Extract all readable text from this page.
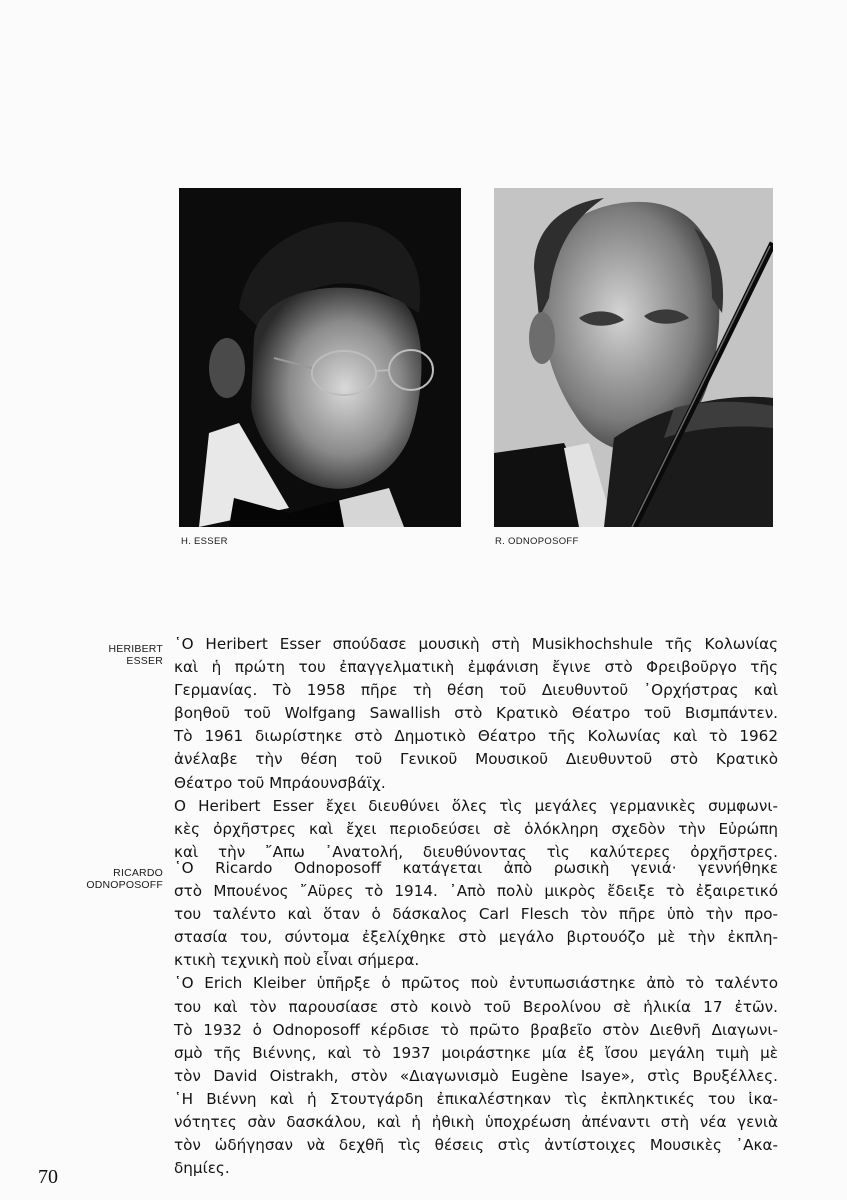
H. ESSER	R. ODNOPOSOFF
HERIBERT
ESSER
῾Ο Heribert Esser σπούδασε μουσικὴ στὴ Musikhochshule τῆς Κολωνίας
καὶ ἡ πρώτη του ἐπαγγελματικὴ ἐμφάνιση ἔγινε στὸ Φρειβοῦργο τῆς
Γερμανίας. Τὸ 1958 πῆρε τὴ θέση τοῦ Διευθυντοῦ ᾿Ορχήστρας καὶ
βοηθοῦ τοῦ Wolfgang Sawallish στὸ Κρατικὸ Θέατρο τοῦ Βισμπάντεν.
Τὸ 1961 διωρίστηκε στὸ Δημοτικὸ Θέατρο τῆς Κολωνίας καὶ τὸ 1962
ἀνέλαβε τὴν θέση τοῦ Γενικοῦ Μουσικοῦ Διευθυντοῦ στὸ Κρατικὸ
Θέατρο τοῦ Μπράουνσβάϊχ.
Ο Heribert Esser ἔχει διευθύνει ὅλες τὶς μεγάλες γερμανικὲς συμφωνι-
κὲς ὀρχῆστρες καὶ ἔχει περιοδεύσει σὲ ὁλόκληρη σχεδὸν τὴν Εὐρώπη
καὶ τὴν ῎Απω ᾿Ανατολή, διευθύνοντας τὶς καλύτερες ὀρχῆστρες.
RICARDO
ODNOPOSOFF
῾Ο Ricardo Odnoposoff κατάγεται ἀπὸ ρωσικὴ γενιά· γεννήθηκε
στὸ Μπουένος ῎Αϋρες τὸ 1914. ᾿Απὸ πολὺ μικρὸς ἔδειξε τὸ ἐξαιρετικό
του ταλέντο καὶ ὅταν ὁ δάσκαλος Carl Flesch τὸν πῆρε ὑπὸ τὴν προ-
στασία του, σύντομα ἐξελίχθηκε στὸ μεγάλο βιρτουόζο μὲ τὴν ἐκπλη-
κτικὴ τεχνικὴ ποὺ εἶναι σήμερα.
῾Ο Erich Kleiber ὑπῆρξε ὁ πρῶτος ποὺ ἐντυπωσιάστηκε ἀπὸ τὸ ταλέντο
του καὶ τὸν παρουσίασε στὸ κοινὸ τοῦ Βερολίνου σὲ ἡλικία 17 ἐτῶν.
Τὸ 1932 ὁ Odnoposoff κέρδισε τὸ πρῶτο βραβεῖο στὸν Διεθνῆ Διαγωνι-
σμὸ τῆς Βιέννης, καὶ τὸ 1937 μοιράστηκε μία ἐξ ἴσου μεγάλη τιμὴ μὲ
τὸν David Oistrakh, στὸν «Διαγωνισμὸ Eugène Isaye», στὶς Βρυξέλλες.
῾Η Βιέννη καὶ ἡ Στουτγάρδη ἐπικαλέστηκαν τὶς ἐκπληκτικές του ἱκα-
νότητες σὰν δασκάλου, καὶ ἡ ἠθικὴ ὑποχρέωση ἀπέναντι στὴ νέα γενιὰ
τὸν ὡδήγησαν νὰ δεχθῆ τὶς θέσεις στὶς ἀντίστοιχες Μουσικὲς ᾿Ακα-
δημίες.
70
